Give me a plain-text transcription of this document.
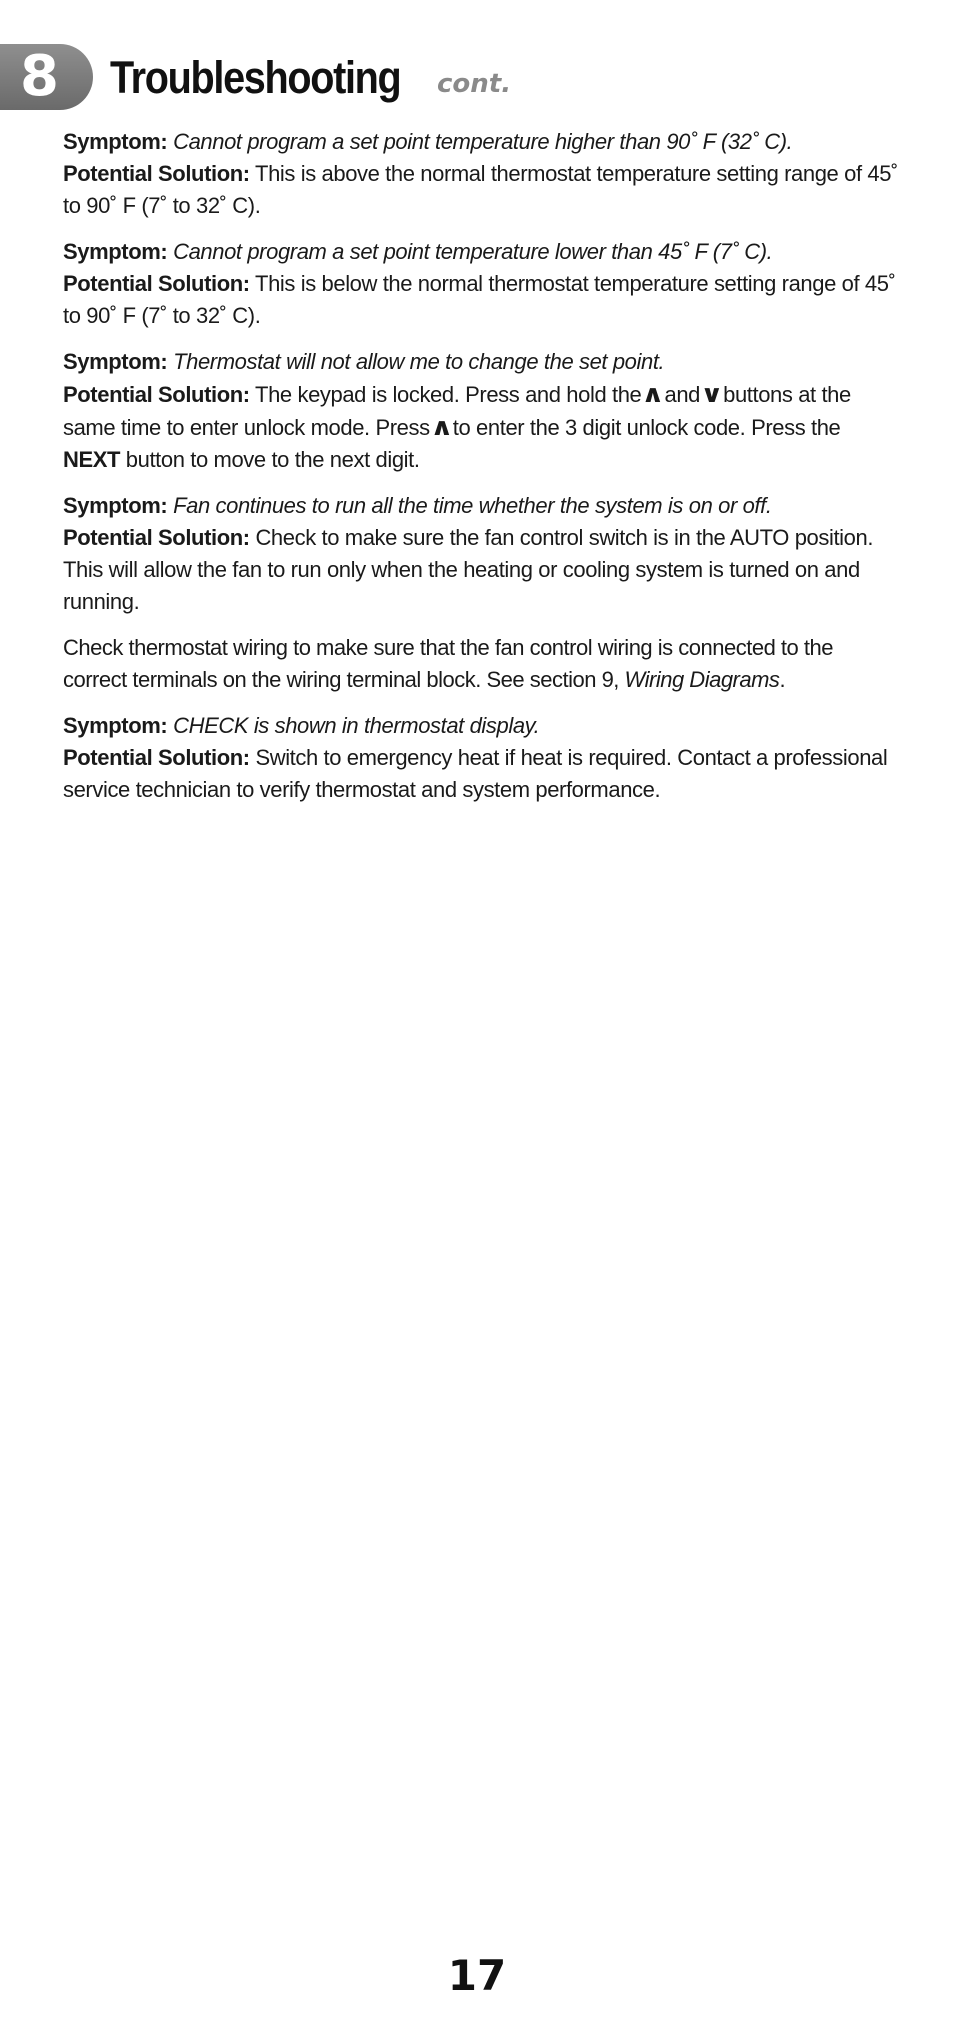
8 Troubleshooting cont.
Symptom: Cannot program a set point temperature higher than 90˚ F (32˚ C).
Potential Solution: This is above the normal thermostat temperature setting range of 45˚ to 90˚ F (7˚ to 32˚ C).
Symptom: Cannot program a set point temperature lower than 45˚ F (7˚ C).
Potential Solution: This is below the normal thermostat temperature setting range of 45˚ to 90˚ F (7˚ to 32˚ C).
Symptom: Thermostat will not allow me to change the set point.
Potential Solution: The keypad is locked. Press and hold the∧and∨buttons at the same time to enter unlock mode. Press∧to enter the 3 digit unlock code. Press the NEXT button to move to the next digit.
Symptom: Fan continues to run all the time whether the system is on or off.
Potential Solution: Check to make sure the fan control switch is in the AUTO position. This will allow the fan to run only when the heating or cooling system is turned on and running.
Check thermostat wiring to make sure that the fan control wiring is connected to the correct terminals on the wiring terminal block. See section 9, Wiring Diagrams.
Symptom: CHECK is shown in thermostat display.
Potential Solution: Switch to emergency heat if heat is required. Contact a professional service technician to verify thermostat and system performance.
17
